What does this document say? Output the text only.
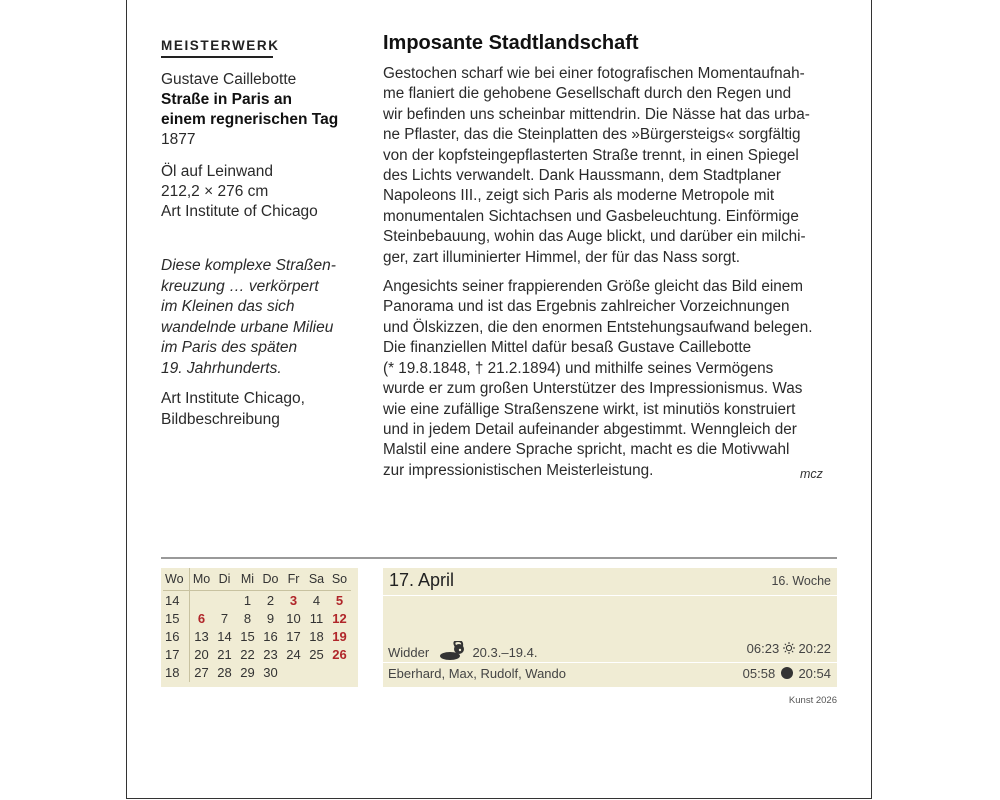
MEISTERWERK

Gustave Caillebotte

Straße in Paris an

einem regnerischen Tag

1877

Öl auf Leinwand

212,2 × 276 cm

Art Institute of Chicago

Diese komplexe Straßen-
kreuzung … verkörpert
im Kleinen das sich
wandelnde urbane Milieu
im Paris des späten
19. Jahrhunderts.
Art Institute Chicago,
Bildbeschreibung
Imposante Stadtlandschaft

Gestochen scharf wie bei einer fotografischen Momentaufnah-
me flaniert die gehobene Gesellschaft durch den Regen und
wir befinden uns scheinbar mittendrin. Die Nässe hat das urba-
ne Pflaster, das die Steinplatten des »Bürgersteigs« sorgfältig
von der kopfsteingepflasterten Straße trennt, in einen Spiegel
des Lichts verwandelt. Dank Haussmann, dem Stadtplaner
Napoleons III., zeigt sich Paris als moderne Metropole mit
monumentalen Sichtachsen und Gasbeleuchtung. Einförmige
Steinbebauung, wohin das Auge blickt, und darüber ein milchi-
ger, zart illuminierter Himmel, der für das Nass sorgt.

Angesichts seiner frappierenden Größe gleicht das Bild einem
Panorama und ist das Ergebnis zahlreicher Vorzeichnungen
und Ölskizzen, die den enormen Entstehungsaufwand belegen.
Die finanziellen Mittel dafür besaß Gustave Caillebotte
(* 19.8.1848, † 21.2.1894) und mithilfe seines Vermögens
wurde er zum großen Unterstützer des Impressionismus. Was
wie eine zufällige Straßenszene wirkt, ist minutiös konstruiert
und in jedem Detail aufeinander abgestimmt. Wenngleich der
Malstil eine andere Sprache spricht, macht es die Motivwahl
zur impressionistischen Meisterleistung.	mcz
Wo	Mo	Di	Mi	Do	Fr	Sa	So
14			1	2	3	4	5
15	6	7	8	9	10	11	12
16	13	14	15	16	17	18	19
17	20	21	22	23	24	25	26
18	27	28	29	30			
17. April	16. Woche
Widder	20.3.–19.4.	06:23 20:22
Eberhard, Max, Rudolf, Wando	05:58 20:54
Kunst 2026
